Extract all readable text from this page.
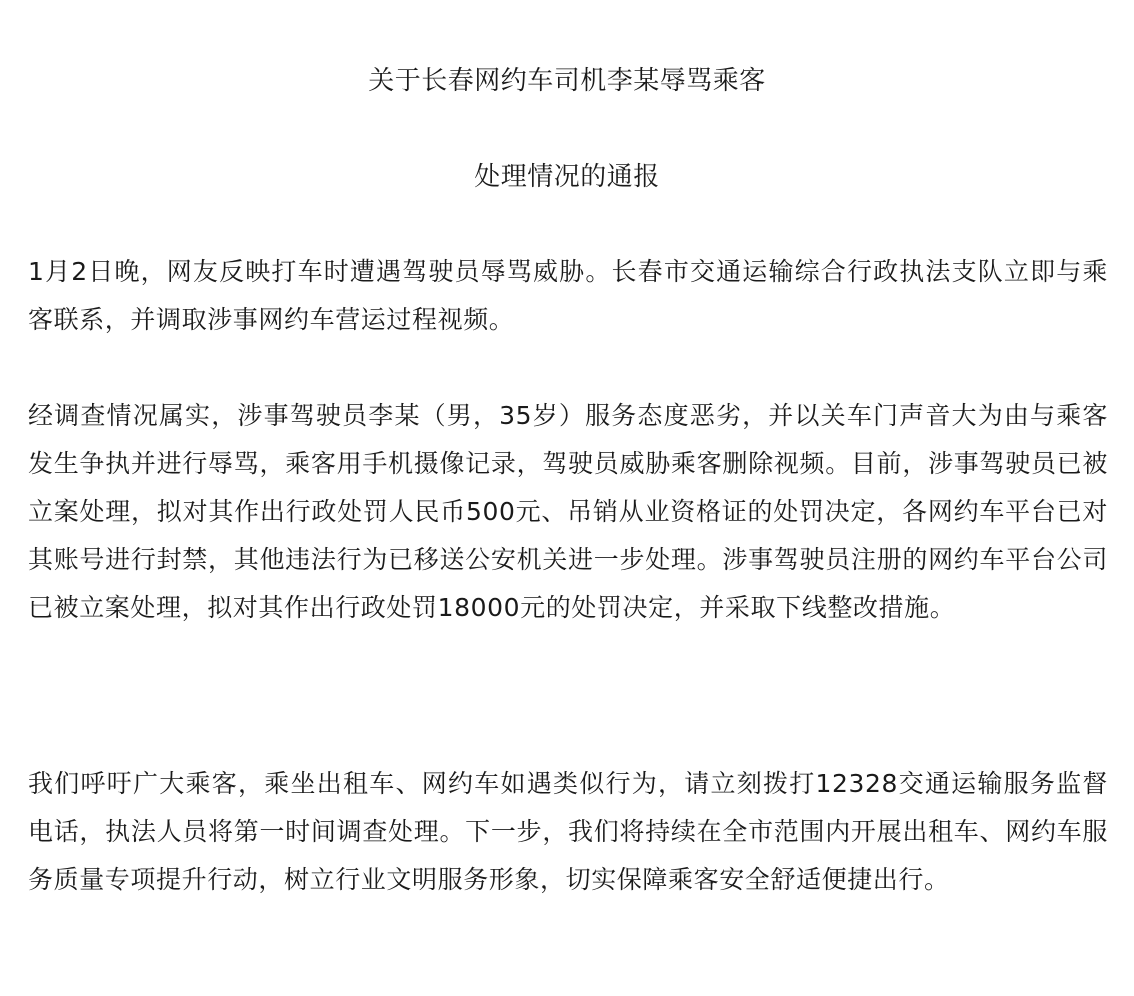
关于长春网约车司机李某辱骂乘客
处理情况的通报

1月2日晚，网友反映打车时遭遇驾驶员辱骂威胁。长春市交通运输综合行政执法支队立即与乘客联系，并调取涉事网约车营运过程视频。

经调查情况属实，涉事驾驶员李某（男，35岁）服务态度恶劣，并以关车门声音大为由与乘客发生争执并进行辱骂，乘客用手机摄像记录，驾驶员威胁乘客删除视频。目前，涉事驾驶员已被立案处理，拟对其作出行政处罚人民币500元、吊销从业资格证的处罚决定，各网约车平台已对其账号进行封禁，其他违法行为已移送公安机关进一步处理。涉事驾驶员注册的网约车平台公司已被立案处理，拟对其作出行政处罚18000元的处罚决定，并采取下线整改措施。

我们呼吁广大乘客，乘坐出租车、网约车如遇类似行为，请立刻拨打12328交通运输服务监督电话，执法人员将第一时间调查处理。下一步，我们将持续在全市范围内开展出租车、网约车服务质量专项提升行动，树立行业文明服务形象，切实保障乘客安全舒适便捷出行。
